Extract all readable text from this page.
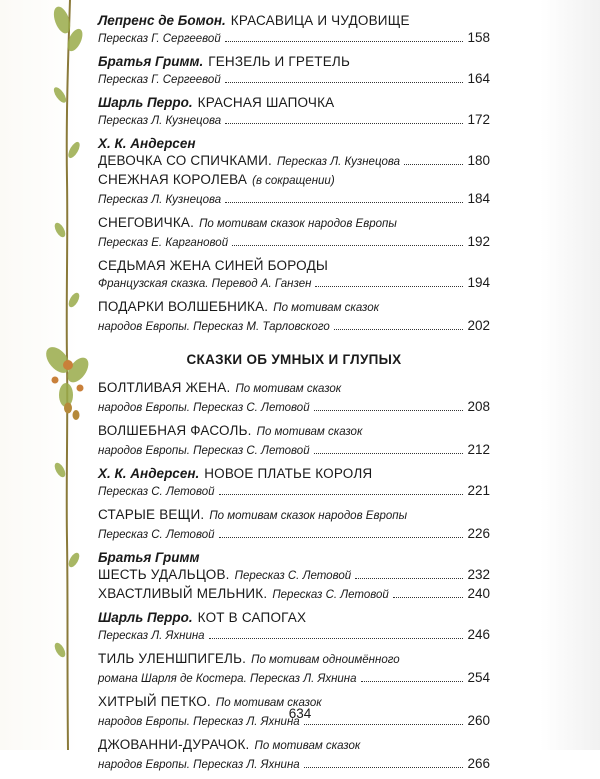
Лепренс де Бомон. КРАСАВИЦА И ЧУДОВИЩЕ
Пересказ Г. Сергеевой	158
Братья Гримм. ГЕНЗЕЛЬ И ГРЕТЕЛЬ
Пересказ Г. Сергеевой	164
Шарль Перро. КРАСНАЯ ШАПОЧКА
Пересказ Л. Кузнецова	172
Х. К. Андерсен
ДЕВОЧКА СО СПИЧКАМИ. Пересказ Л. Кузнецова	180
СНЕЖНАЯ КОРОЛЕВА (в сокращении)
Пересказ Л. Кузнецова	184
СНЕГОВИЧКА. По мотивам сказок народов Европы
Пересказ Е. Каргановой	192
СЕДЬМАЯ ЖЕНА СИНЕЙ БОРОДЫ
Французская сказка. Перевод А. Ганзен	194
ПОДАРКИ ВОЛШЕБНИКА. По мотивам сказок
народов Европы. Пересказ М. Тарловского	202
СКАЗКИ ОБ УМНЫХ И ГЛУПЫХ
БОЛТЛИВАЯ ЖЕНА. По мотивам сказок
народов Европы. Пересказ С. Летовой	208
ВОЛШЕБНАЯ ФАСОЛЬ. По мотивам сказок
народов Европы. Пересказ С. Летовой	212
Х. К. Андерсен. НОВОЕ ПЛАТЬЕ КОРОЛЯ
Пересказ С. Летовой	221
СТАРЫЕ ВЕЩИ. По мотивам сказок народов Европы
Пересказ С. Летовой	226
Братья Гримм
ШЕСТЬ УДАЛЬЦОВ. Пересказ С. Летовой	232
ХВАСТЛИВЫЙ МЕЛЬНИК. Пересказ С. Летовой	240
Шарль Перро. КОТ В САПОГАХ
Пересказ Л. Яхнина	246
ТИЛЬ УЛЕНШПИГЕЛЬ. По мотивам одноимённого
романа Шарля де Костера. Пересказ Л. Яхнина	254
ХИТРЫЙ ПЕТКО. По мотивам сказок
народов Европы. Пересказ Л. Яхнина	260
ДЖОВАННИ-ДУРАЧОК. По мотивам сказок
народов Европы. Пересказ Л. Яхнина	266
634
